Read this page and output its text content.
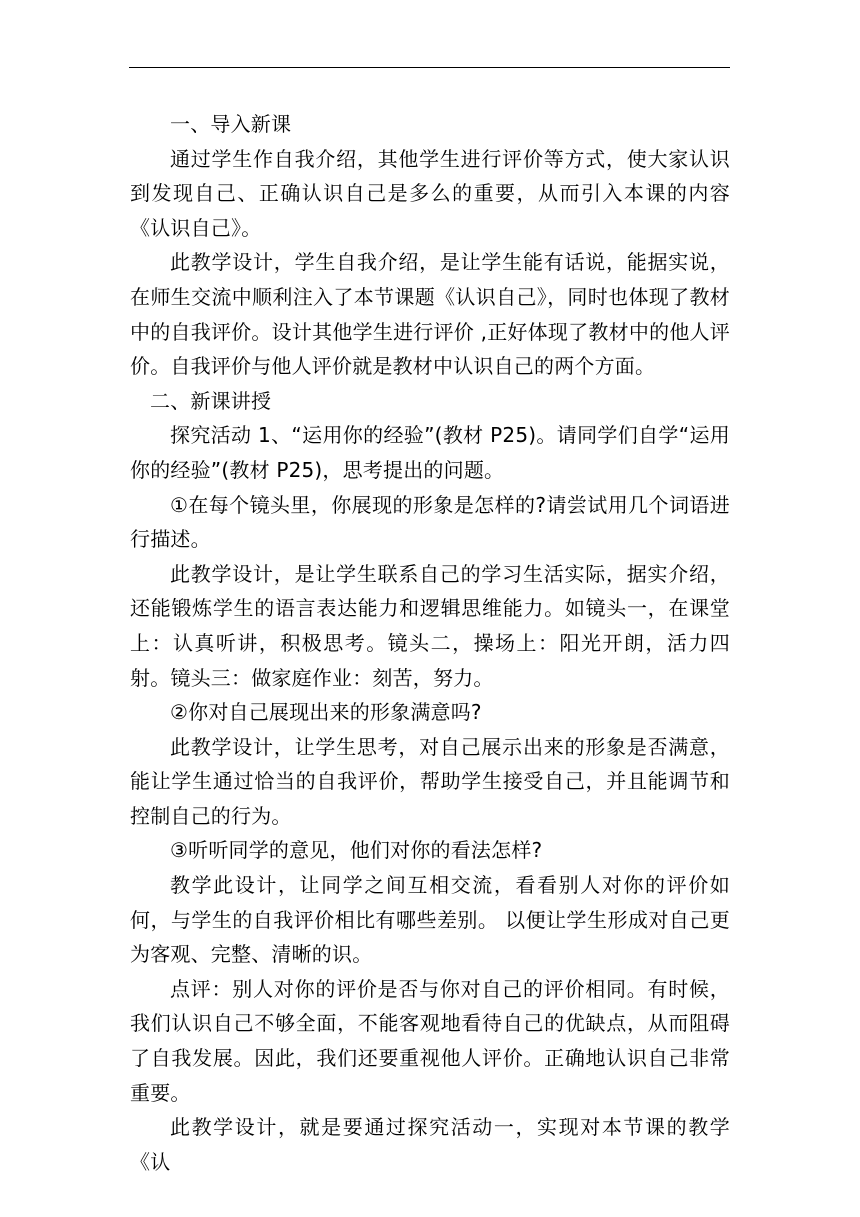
一、导入新课

通过学生作自我介绍，其他学生进行评价等方式，使大家认识到发现自己、正确认识自己是多么的重要，从而引入本课的内容《认识自己》。

此教学设计，学生自我介绍，是让学生能有话说，能据实说，在师生交流中顺利注入了本节课题《认识自己》，同时也体现了教材中的自我评价。设计其他学生进行评价 ,正好体现了教材中的他人评价。自我评价与他人评价就是教材中认识自己的两个方面。

二、新课讲授

探究活动 1、“运用你的经验”(教材 P25)。请同学们自学“运用你的经验”(教材 P25)，思考提出的问题。

①在每个镜头里，你展现的形象是怎样的?请尝试用几个词语进行描述。

此教学设计，是让学生联系自己的学习生活实际，据实介绍，还能锻炼学生的语言表达能力和逻辑思维能力。如镜头一，在课堂上：认真听讲，积极思考。镜头二，操场上：阳光开朗，活力四射。镜头三：做家庭作业：刻苦，努力。

②你对自己展现出来的形象满意吗?

此教学设计，让学生思考，对自己展示出来的形象是否满意， 能让学生通过恰当的自我评价，帮助学生接受自己，并且能调节和控制自己的行为。

③听听同学的意见，他们对你的看法怎样?

教学此设计，让同学之间互相交流，看看别人对你的评价如何，与学生的自我评价相比有哪些差别。 以便让学生形成对自己更为客观、完整、清晰的识。

点评：别人对你的评价是否与你对自己的评价相同。有时候，我们认识自己不够全面，不能客观地看待自己的优缺点，从而阻碍了自我发展。因此，我们还要重视他人评价。正确地认识自己非常重要。

此教学设计，就是要通过探究活动一，实现对本节课的教学《认
